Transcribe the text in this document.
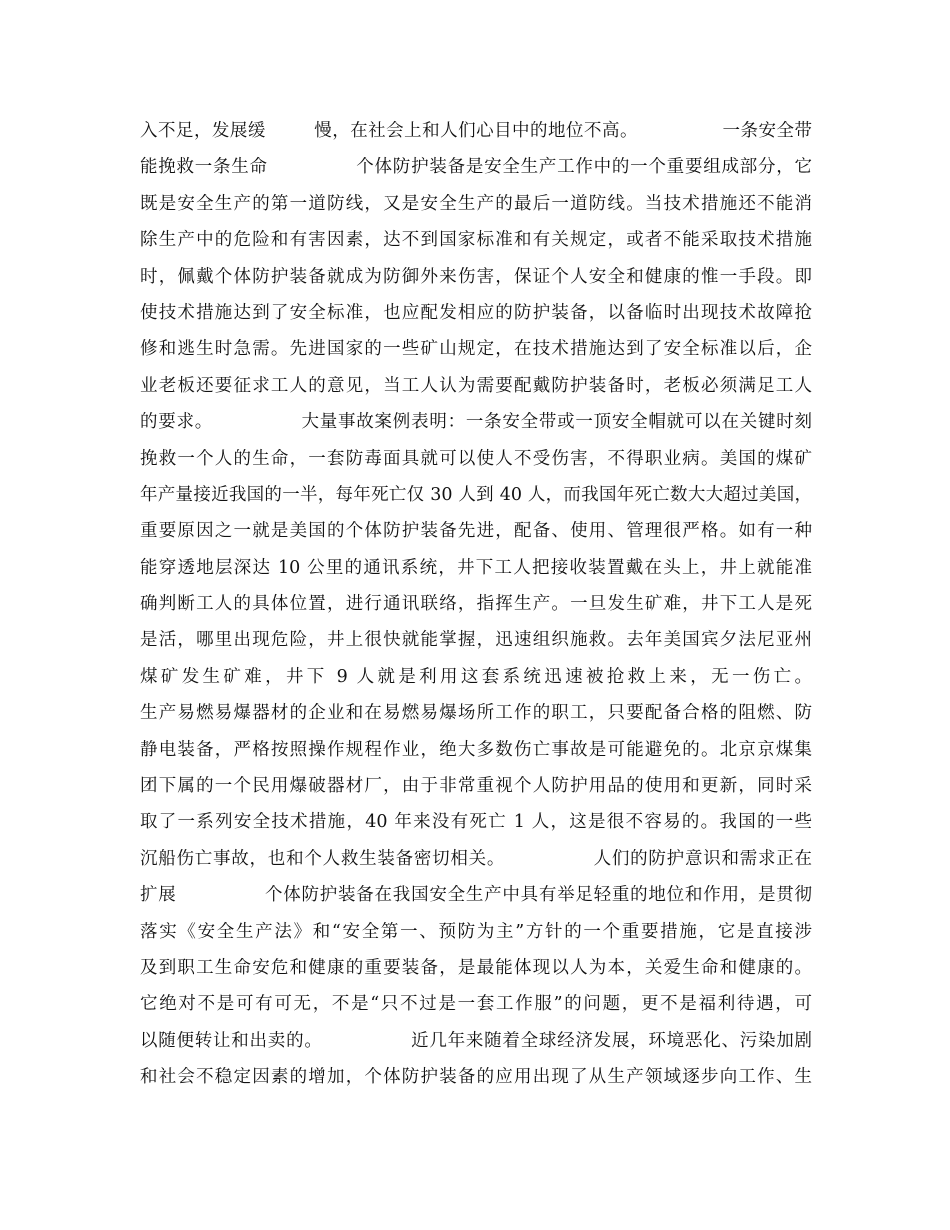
入不足，发展缓        慢，在社会上和人们心目中的地位不高。              一条安全带
能挽救一条生命              个体防护装备是安全生产工作中的一个重要组成部分，它
既是安全生产的第一道防线，又是安全生产的最后一道防线。当技术措施还不能消
除生产中的危险和有害因素，达不到国家标准和有关规定，或者不能采取技术措施
时，佩戴个体防护装备就成为防御外来伤害，保证个人安全和健康的惟一手段。即
使技术措施达到了安全标准，也应配发相应的防护装备，以备临时出现技术故障抢
修和逃生时急需。先进国家的一些矿山规定，在技术措施达到了安全标准以后，企
业老板还要征求工人的意见，当工人认为需要配戴防护装备时，老板必须满足工人
的要求。              大量事故案例表明：一条安全带或一顶安全帽就可以在关键时刻
挽救一个人的生命，一套防毒面具就可以使人不受伤害，不得职业病。美国的煤矿
年产量接近我国的一半，每年死亡仅 30 人到 40 人，而我国年死亡数大大超过美国，
重要原因之一就是美国的个体防护装备先进，配备、使用、管理很严格。如有一种
能穿透地层深达 10 公里的通讯系统，井下工人把接收装置戴在头上，井上就能准
确判断工人的具体位置，进行通讯联络，指挥生产。一旦发生矿难，井下工人是死
是活，哪里出现危险，井上很快就能掌握，迅速组织施救。去年美国宾夕法尼亚州
煤矿发生矿难，井下 9 人就是利用这套系统迅速被抢救上来，无一伤亡。
生产易燃易爆器材的企业和在易燃易爆场所工作的职工，只要配备合格的阻燃、防
静电装备，严格按照操作规程作业，绝大多数伤亡事故是可能避免的。北京京煤集
团下属的一个民用爆破器材厂，由于非常重视个人防护用品的使用和更新，同时采
取了一系列安全技术措施，40 年来没有死亡 1 人，这是很不容易的。我国的一些
沉船伤亡事故，也和个人救生装备密切相关。              人们的防护意识和需求正在
扩展              个体防护装备在我国安全生产中具有举足轻重的地位和作用，是贯彻
落实《安全生产法》和“安全第一、预防为主”方针的一个重要措施，它是直接涉
及到职工生命安危和健康的重要装备，是最能体现以人为本，关爱生命和健康的。
它绝对不是可有可无，不是“只不过是一套工作服”的问题，更不是福利待遇，可
以随便转让和出卖的。              近几年来随着全球经济发展，环境恶化、污染加剧
和社会不稳定因素的增加，个体防护装备的应用出现了从生产领域逐步向工作、生
